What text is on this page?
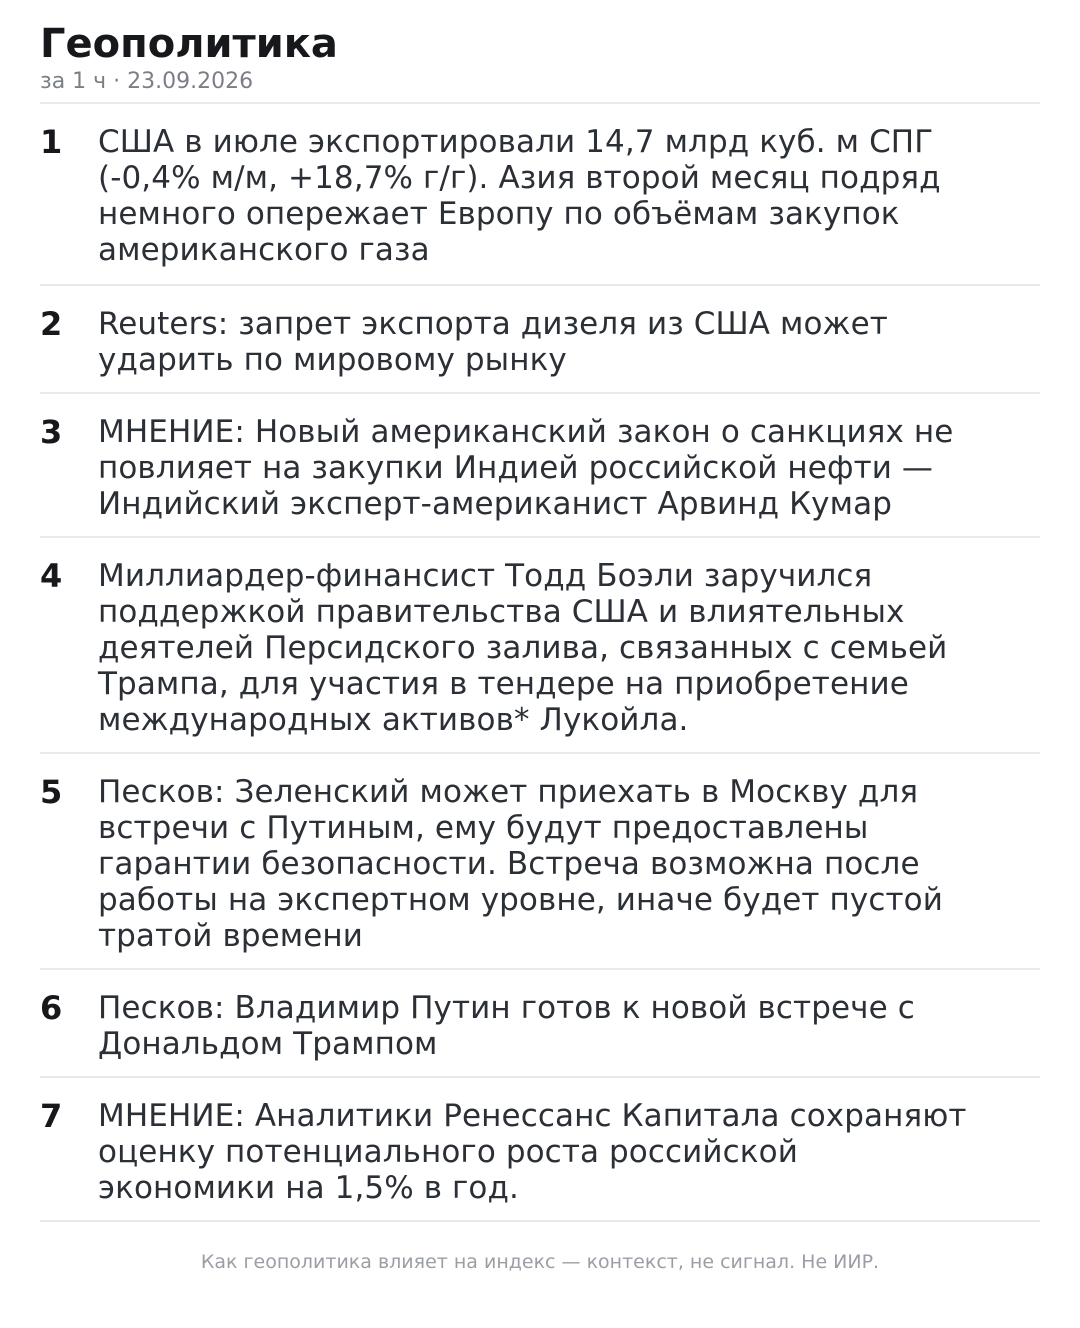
Геополитика
за 1 ч · 23.09.2026
1	США в июле экспортировали 14,7 млрд куб. м СПГ
(-0,4% м/м, +18,7% г/г). Азия второй месяц подряд
немного опережает Европу по объёмам закупок
американского газа
2	Reuters: запрет экспорта дизеля из США может
ударить по мировому рынку
3	МНЕНИЕ: Новый американский закон о санкциях не
повлияет на закупки Индией российской нефти —
Индийский эксперт-американист Арвинд Кумар
4	Миллиардер-финансист Тодд Боэли заручился
поддержкой правительства США и влиятельных
деятелей Персидского залива, связанных с семьей
Трампа, для участия в тендере на приобретение
международных активов* Лукойла.
5	Песков: Зеленский может приехать в Москву для
встречи с Путиным, ему будут предоставлены
гарантии безопасности. Встреча возможна после
работы на экспертном уровне, иначе будет пустой
тратой времени
6	Песков: Владимир Путин готов к новой встрече с
Дональдом Трампом
7	МНЕНИЕ: Аналитики Ренессанс Капитала сохраняют
оценку потенциального роста российской
экономики на 1,5% в год.
Как геополитика влияет на индекс — контекст, не сигнал. Не ИИР.
